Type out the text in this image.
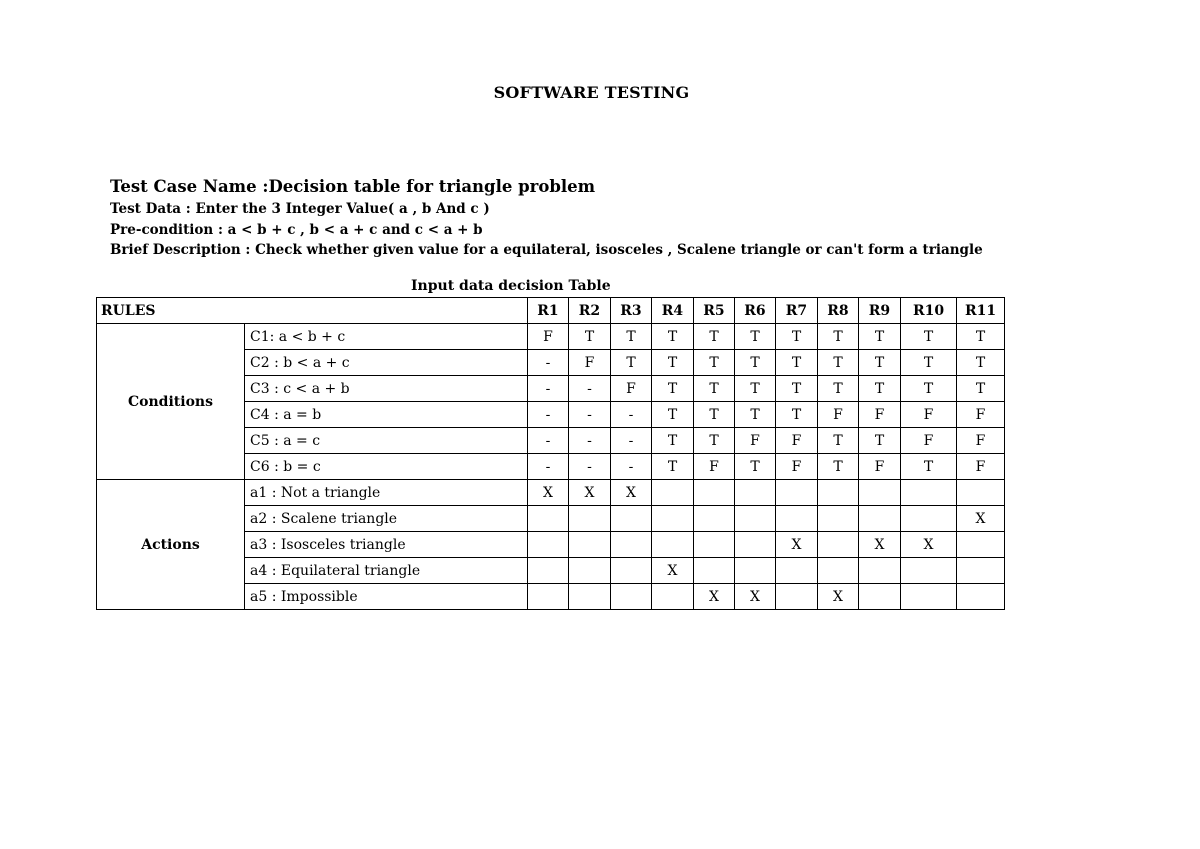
SOFTWARE TESTING
Test Case Name :Decision table for triangle problem
Test Data : Enter the 3 Integer Value( a , b And c )
Pre-condition : a < b + c , b < a + c and c < a + b
Brief Description : Check whether given value for a equilateral, isosceles , Scalene triangle or can't form a triangle
Input data decision Table
RULES		R1	R2	R3	R4	R5	R6	R7	R8	R9	R10	R11
Conditions	C1: a < b + c	F	T	T	T	T	T	T	T	T	T	T
	C2 : b < a + c	-	F	T	T	T	T	T	T	T	T	T
	C3 : c < a + b	-	-	F	T	T	T	T	T	T	T	T
	C4 : a = b	-	-	-	T	T	T	T	F	F	F	F
	C5 : a = c	-	-	-	T	T	F	F	T	T	F	F
	C6 : b = c	-	-	-	T	F	T	F	T	F	T	F
Actions	a1 : Not a triangle	X	X	X								
	a2 : Scalene triangle											X
	a3 : Isosceles triangle							X		X	X	
	a4 : Equilateral triangle				X							
	a5 : Impossible					X	X		X			
